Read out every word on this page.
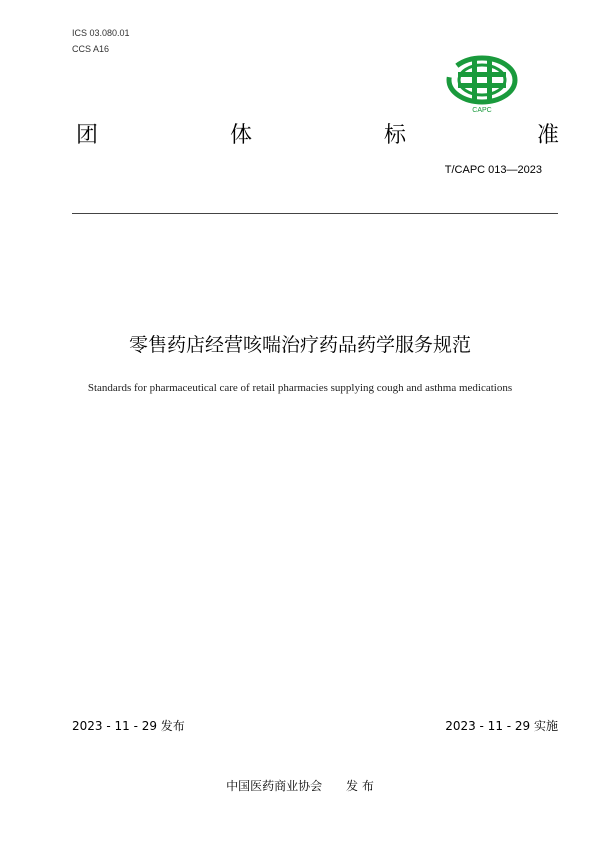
ICS 03.080.01
CCS A16
CAPC
团	体	标	准
T/CAPC 013—2023
零售药店经营咳喘治疗药品药学服务规范
Standards for pharmaceutical care of retail pharmacies supplying cough and asthma medications
2023 - 11 - 29 发布	2023 - 11 - 29 实施
中国医药商业协会 发 布
